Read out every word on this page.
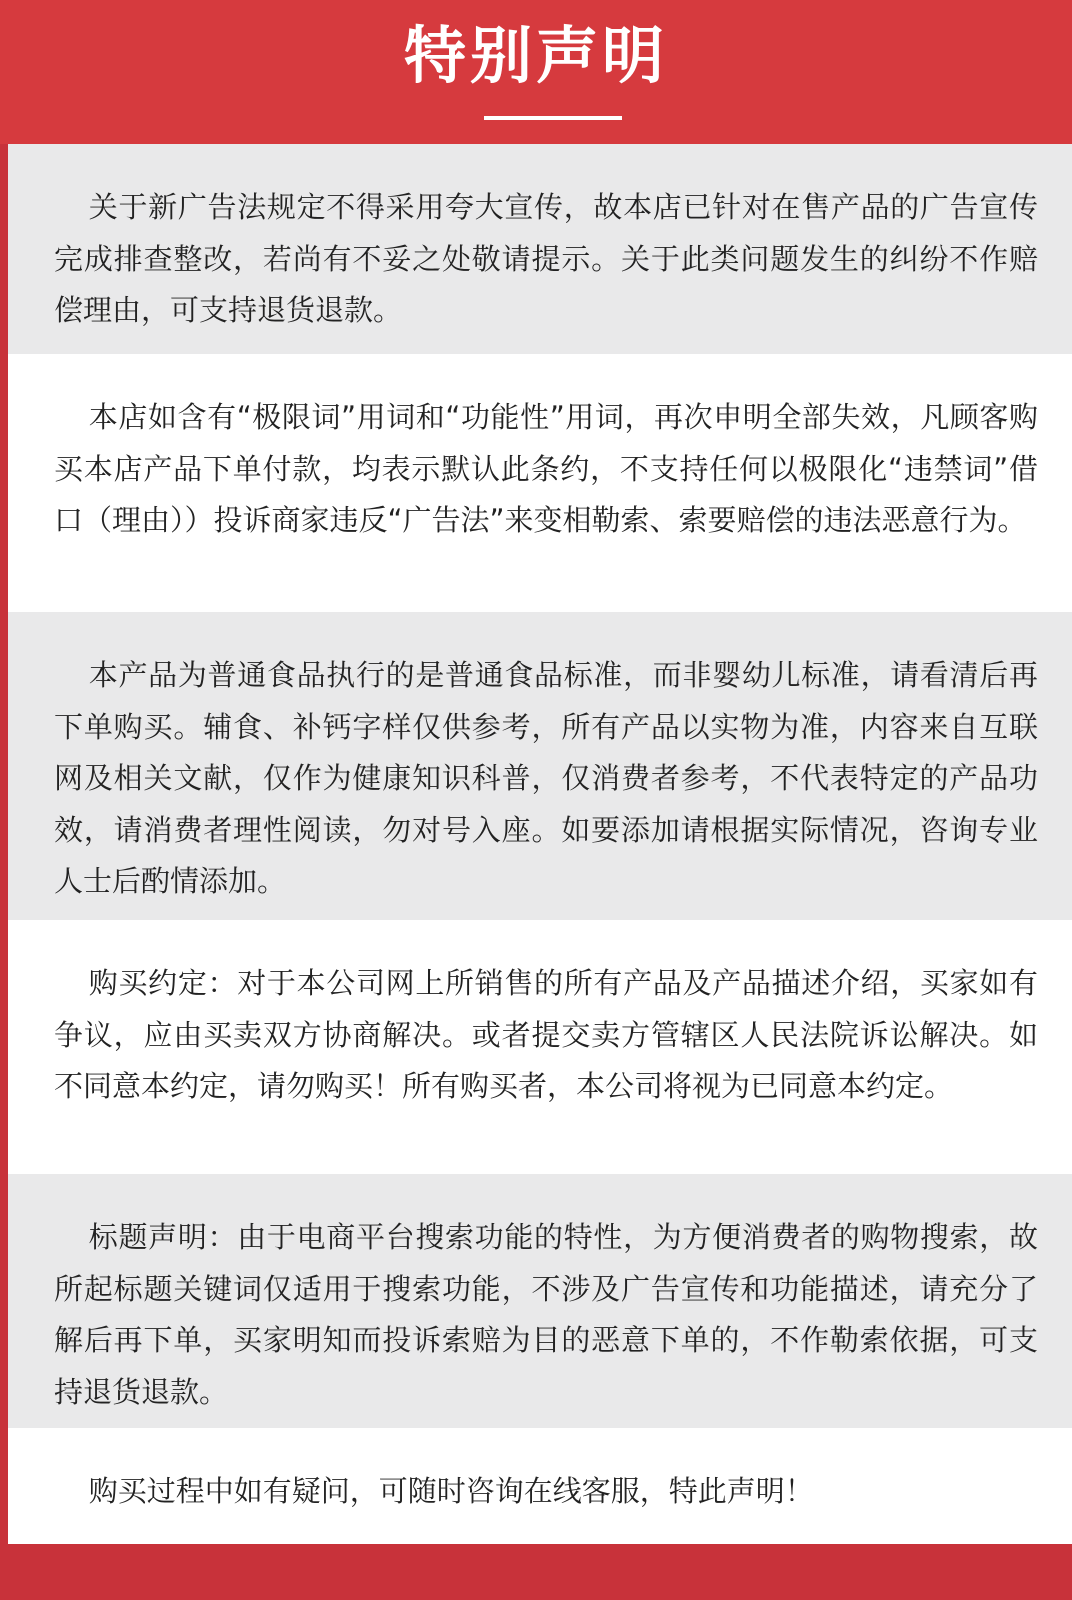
特别声明

关于新广告法规定不得采用夸大宣传，故本店已针对在售产品的广告宣传完成排查整改，若尚有不妥之处敬请提示。关于此类问题发生的纠纷不作赔偿理由，可支持退货退款。

本店如含有“极限词”用词和“功能性”用词，再次申明全部失效，凡顾客购买本店产品下单付款，均表示默认此条约，不支持任何以极限化“违禁词”借口（理由））投诉商家违反“广告法”来变相勒索、索要赔偿的违法恶意行为。

本产品为普通食品执行的是普通食品标准，而非婴幼儿标准，请看清后再下单购买。辅食、补钙字样仅供参考，所有产品以实物为准，内容来自互联网及相关文献，仅作为健康知识科普，仅消费者参考，不代表特定的产品功效，请消费者理性阅读，勿对号入座。如要添加请根据实际情况，咨询专业人士后酌情添加。

购买约定：对于本公司网上所销售的所有产品及产品描述介绍，买家如有争议，应由买卖双方协商解决。或者提交卖方管辖区人民法院诉讼解决。如不同意本约定，请勿购买！所有购买者，本公司将视为已同意本约定。

标题声明：由于电商平台搜索功能的特性，为方便消费者的购物搜索，故所起标题关键词仅适用于搜索功能，不涉及广告宣传和功能描述，请充分了解后再下单，买家明知而投诉索赔为目的恶意下单的，不作勒索依据，可支持退货退款。

购买过程中如有疑问，可随时咨询在线客服，特此声明！
